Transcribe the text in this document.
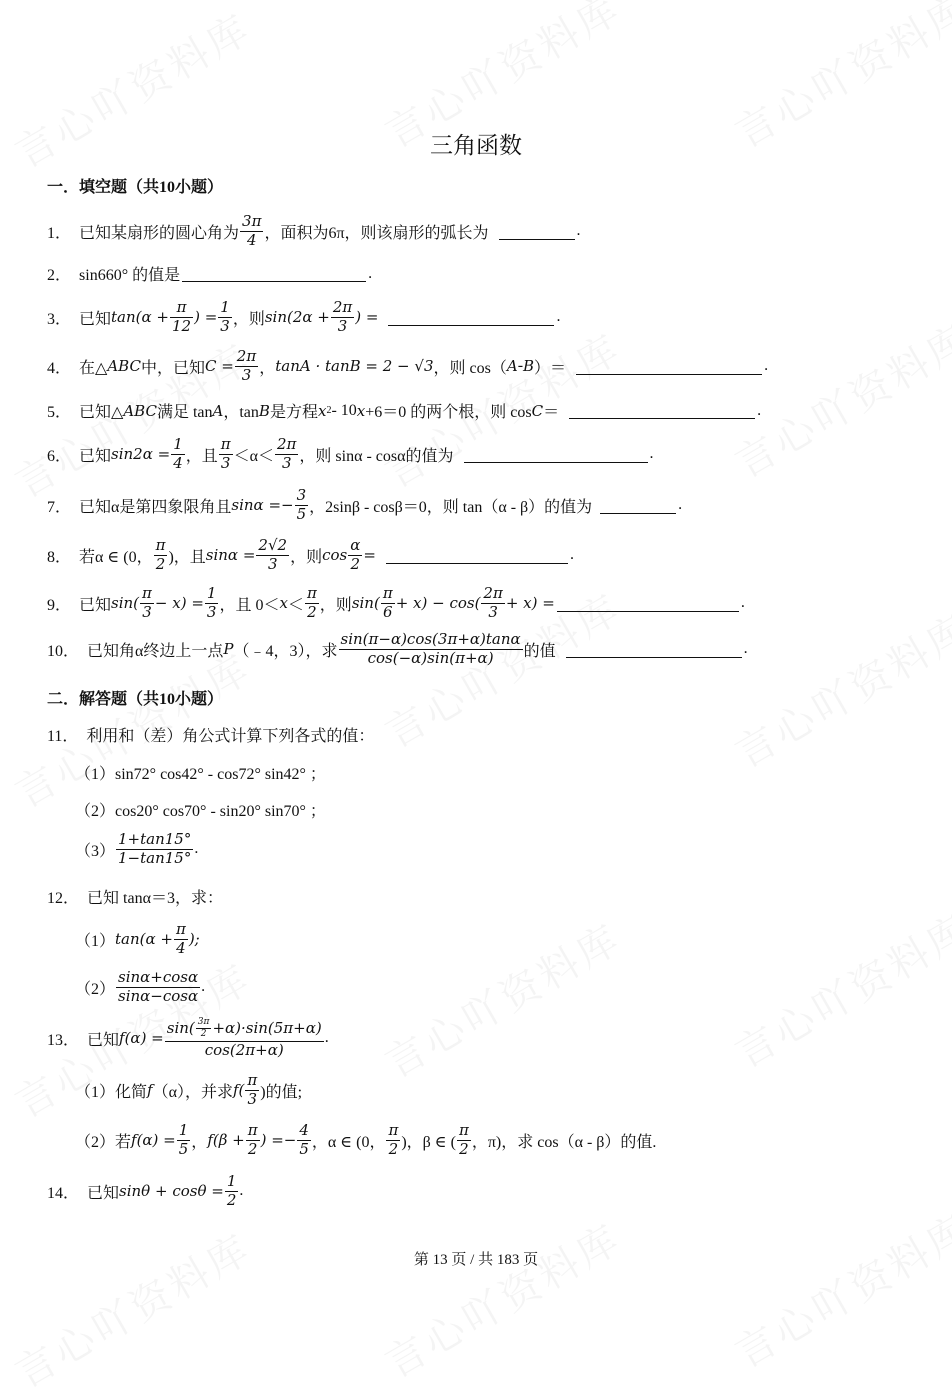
三角函数
一．填空题（共10小题）
1． 已知某扇形的圆心角为 $\frac{3\pi}{4}$ ，面积为6π，则该扇形的弧长为	.
2． sin660° 的值是	.
3． 已知 $\tan(\alpha + \frac{\pi}{12}$ ) = $\frac{1}{3}$ ，则 $\sin(2\alpha + \frac{2\pi}{3}$ ) =	.
4． 在△ ABC 中，已知 $C = \frac{2\pi}{3}$ ， tanA · tanB = 2 − √3 ，则 cos（ A - B ）＝	.
5． 已知△ ABC 满足 tan A ，tan B 是方程 x 2 - 10 x +6＝0 的两个根，则 cos C ＝	.
6． 已知 $\sin 2\alpha = \frac{1}{4}$ ，且 $\frac{\pi}{3} <\alpha< \frac{2\pi}{3}$ ，则 sinα - cosα的值为	.
7． 已知α是第四象限角且 $\sin\alpha =- \frac{3}{5}$ ，2sinβ - cosβ＝0，则 tan（α - β）的值为	.
8． 若α ∈ (0， $\frac{\pi}{2}$ )，且 $\sin\alpha = \frac{2√2}{3}$ ，则 $\cos \frac{\alpha}{2}$ =	.
9． 已知 $\sin( \frac{\pi}{3} - x) = \frac{1}{3}$ ，且 $0< x < \frac{\pi}{2}$ ，则 $\sin( \frac{\pi}{6} + x) - \cos( \frac{2\pi}{3} + x)$ =	.
10． 已知角α终边上一点 P （﹣4，3），求 $\frac{\sin(\pi-\alpha)\cos(3\pi+\alpha)\tan\alpha}{\cos(-\alpha)\sin(\pi+\alpha)}$ 的值	.
二．解答题（共10小题）
11． 利用和（差）角公式计算下列各式的值：
（1）sin72° cos42° - cos72° sin42° ；
（2）cos20° cos70° - sin20° sin70° ；
$(3) \frac{1+\tan 15^\circ}{1-\tan 15^\circ}$ .
12． 已知 tanα＝3，求：
（1） $\tan(\alpha + \frac{\pi}{4}$ );
$(2) \frac{\sin\alpha+\cos\alpha}{\sin\alpha-\cos\alpha}$ .
13． 已知 $f(\alpha) = \frac{\sin( \frac{3\pi}{2} +\alpha)\cdot\sin(5\pi+\alpha)}{\cos(2\pi+\alpha)}$ .
（1）化简 f （α），并求 $f( \frac{\pi}{3}$ )的值;
（2）若 $f(\alpha) = \frac{1}{5}$ ， $f(\beta + \frac{\pi}{2}$ ) =− $\frac{4}{5}$ ，α ∈ (0， $\frac{\pi}{2}$ )，β ∈ ( $\frac{\pi}{2}$ ，π)，求 cos（α - β）的值.
14． 已知 $\sin\theta + \cos\theta = \frac{1}{2}$ .
第 13 页 / 共 183 页
